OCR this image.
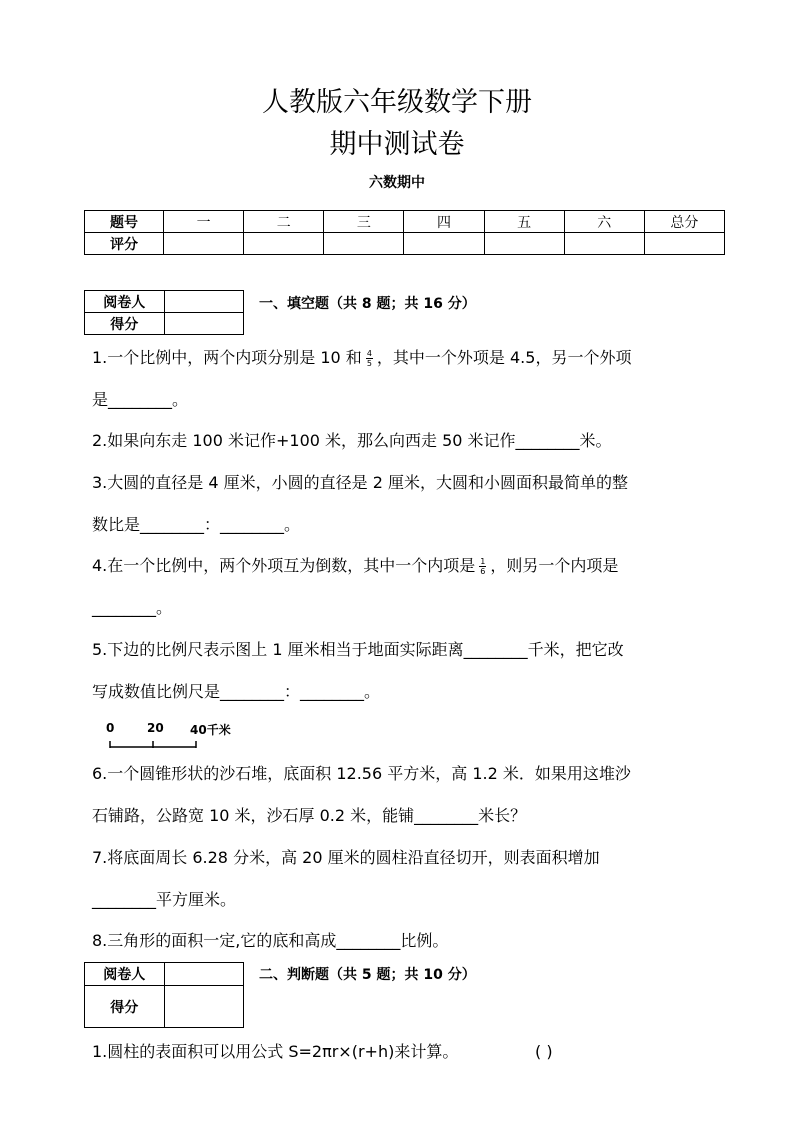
人教版六年级数学下册
期中测试卷
六数期中
题号	一	二	三	四	五	六	总分
评分							
阅卷人	
得分	
一、填空题（共 8 题；共 16 分）
1.一个比例中，两个内项分别是 10 和 $\frac{4}{5}$ ，其中一个外项是 4.5，另一个外项
是________。
2.如果向东走 100 米记作+100 米，那么向西走 50 米记作________米。
3.大圆的直径是 4 厘米，小圆的直径是 2 厘米，大圆和小圆面积最简单的整
数比是________：________。
4.在一个比例中，两个外项互为倒数，其中一个内项是 $\frac{1}{6}$ ，则另一个内项是
________。
5.下边的比例尺表示图上 1 厘米相当于地面实际距离________千米，把它改
写成数值比例尺是________：________。
0	20 40千米
6.一个圆锥形状的沙石堆，底面积 12.56 平方米，高 1.2 米．如果用这堆沙
石铺路，公路宽 10 米，沙石厚 0.2 米，能铺________米长？
7.将底面周长 6.28 分米，高 20 厘米的圆柱沿直径切开，则表面积增加
________平方厘米。
8.三角形的面积一定,它的底和高成________比例。
阅卷人	
得分	
二、判断题（共 5 题；共 10 分）
1.圆柱的表面积可以用公式 S=2πr×(r+h)来计算。	( )
